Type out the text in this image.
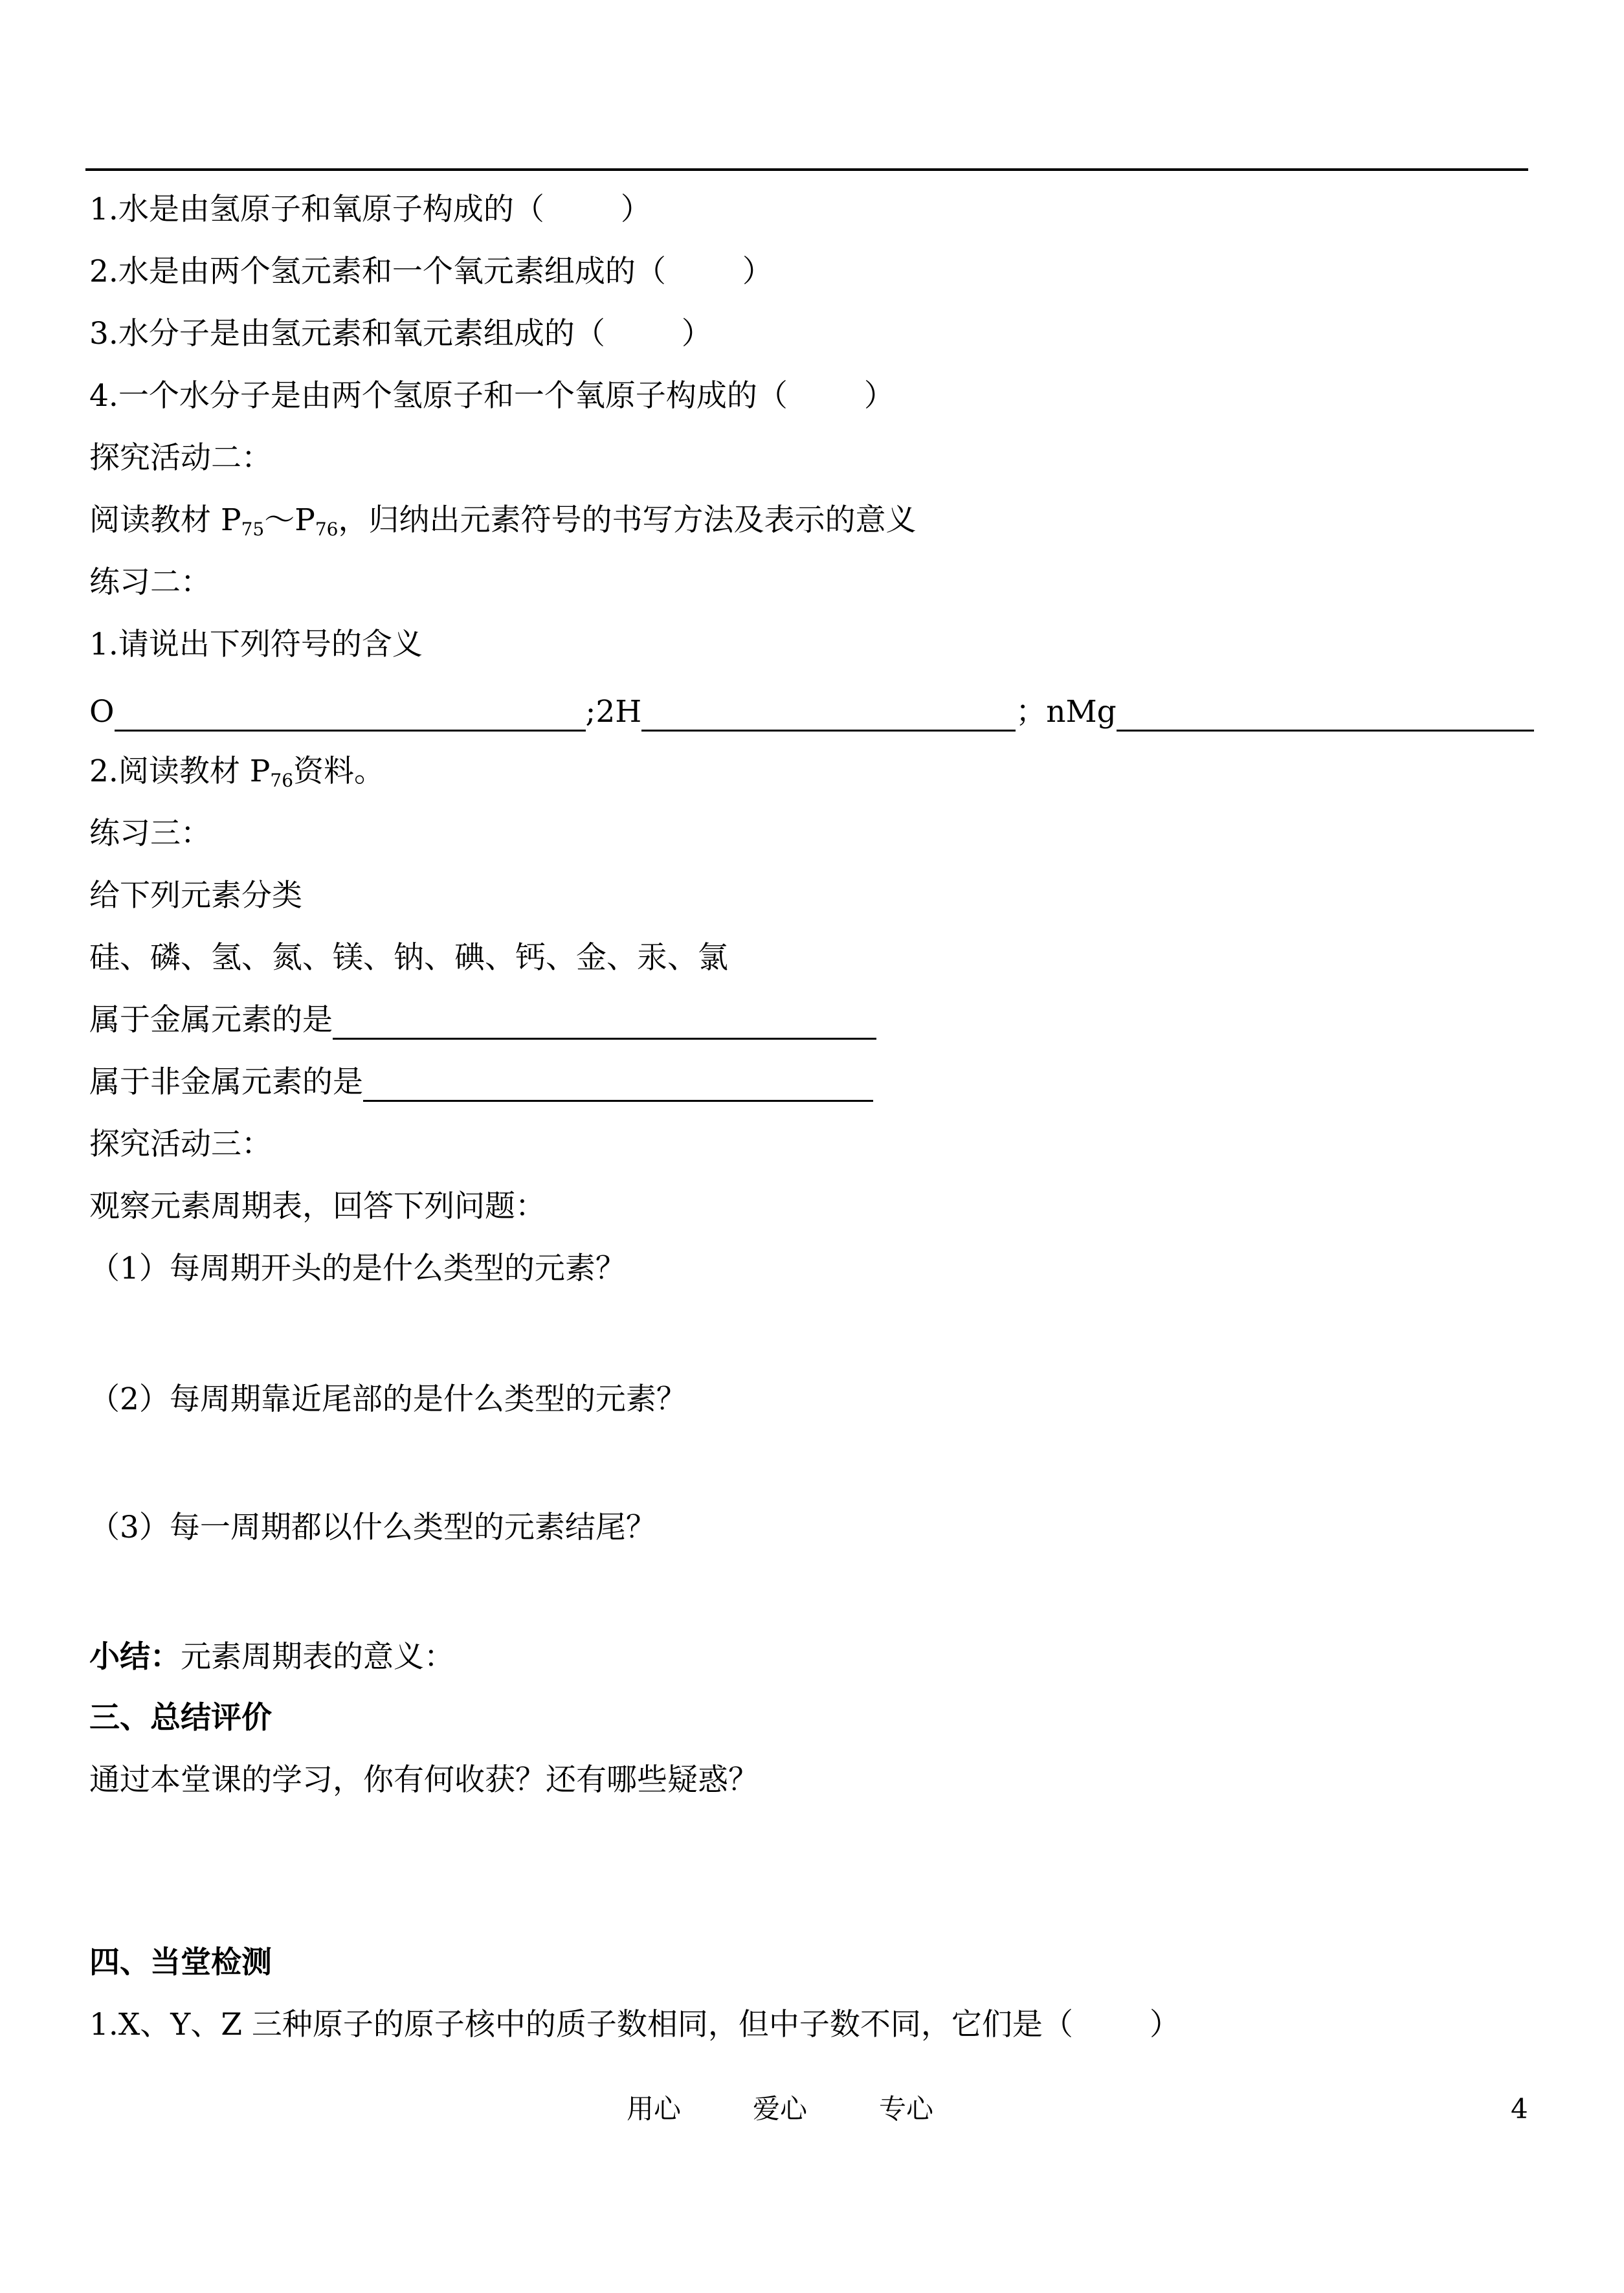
1.水是由氢原子和氧原子构成的（	）
2.水是由两个氢元素和一个氧元素组成的（	）
3.水分子是由氢元素和氧元素组成的（	）
4.一个水分子是由两个氢原子和一个氧原子构成的（	）
探究活动二：
阅读教材 $P_{75}\sim P_{76}$，归纳出元素符号的书写方法及表示的意义
练习二：
1.请说出下列符号的含义
O	;2H	；nMg
2.阅读教材 $P_{76}$资料。
练习三：
给下列元素分类
硅、磷、氢、氮、镁、钠、碘、钙、金、汞、氯
属于金属元素的是
属于非金属元素的是
探究活动三：
观察元素周期表，回答下列问题：
（1）每周期开头的是什么类型的元素？
（2）每周期靠近尾部的是什么类型的元素？
（3）每一周期都以什么类型的元素结尾？
小结：元素周期表的意义：
三、总结评价
通过本堂课的学习，你有何收获？还有哪些疑惑？
四、当堂检测
1.X、Y、Z 三种原子的原子核中的质子数相同，但中子数不同，它们是（	）
用心	爱心	专心	4
